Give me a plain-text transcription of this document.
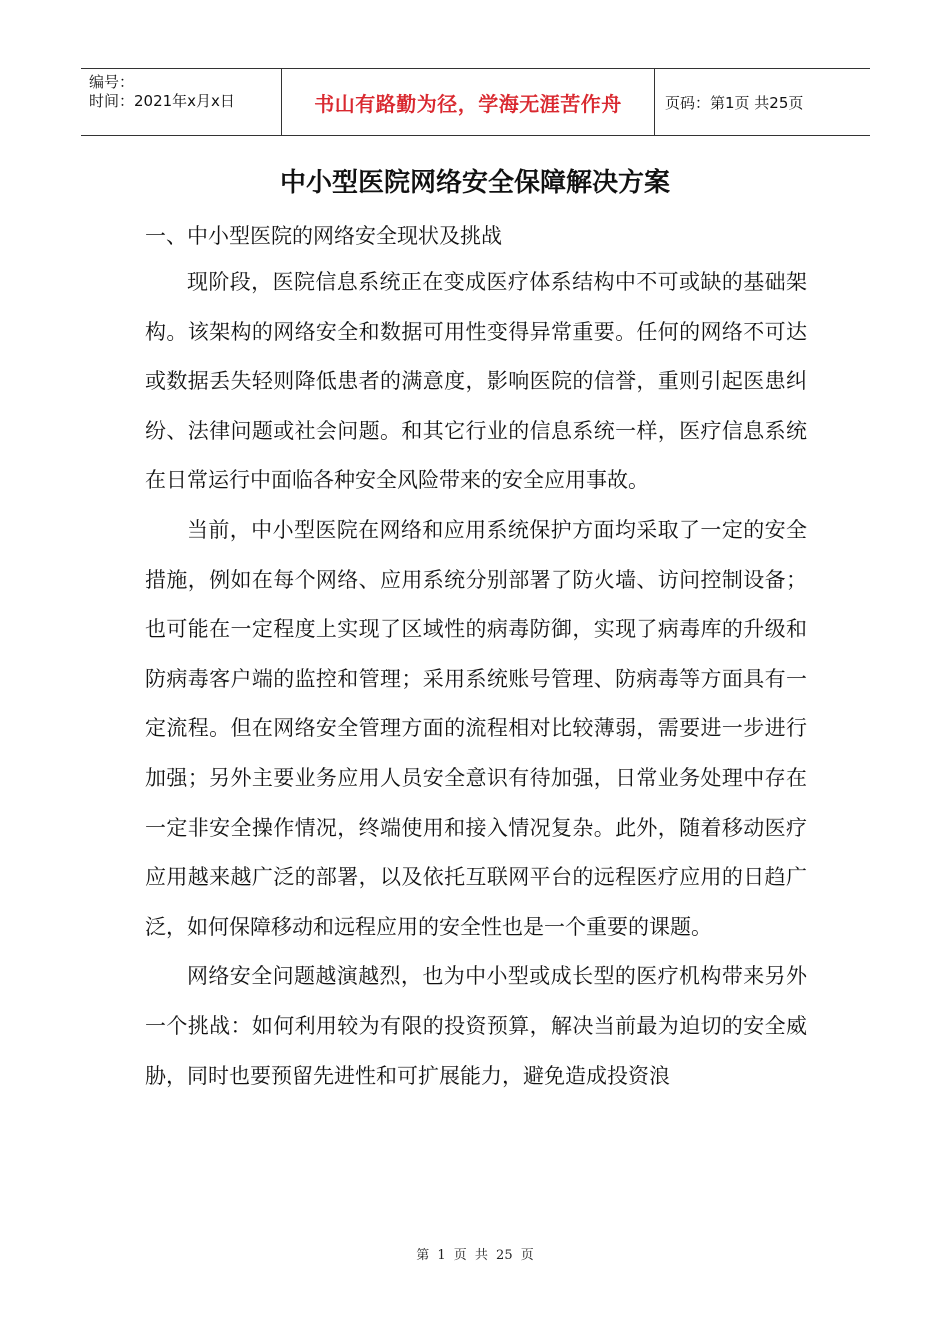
编号：
时间：2021年x月x日	书山有路勤为径，学海无涯苦作舟	页码：第1页 共25页
中小型医院网络安全保障解决方案
一、中小型医院的网络安全现状及挑战

现阶段，医院信息系统正在变成医疗体系结构中不可或缺的基础架构。该架构的网络安全和数据可用性变得异常重要。任何的网络不可达或数据丢失轻则降低患者的满意度，影响医院的信誉，重则引起医患纠纷、法律问题或社会问题。和其它行业的信息系统一样，医疗信息系统在日常运行中面临各种安全风险带来的安全应用事故。

当前，中小型医院在网络和应用系统保护方面均采取了一定的安全措施，例如在每个网络、应用系统分别部署了防火墙、访问控制设备；也可能在一定程度上实现了区域性的病毒防御，实现了病毒库的升级和防病毒客户端的监控和管理；采用系统账号管理、防病毒等方面具有一定流程。但在网络安全管理方面的流程相对比较薄弱，需要进一步进行加强；另外主要业务应用人员安全意识有待加强，日常业务处理中存在一定非安全操作情况，终端使用和接入情况复杂。此外，随着移动医疗应用越来越广泛的部署，以及依托互联网平台的远程医疗应用的日趋广泛，如何保障移动和远程应用的安全性也是一个重要的课题。

网络安全问题越演越烈，也为中小型或成长型的医疗机构带来另外一个挑战：如何利用较为有限的投资预算，解决当前最为迫切的安全威胁，同时也要预留先进性和可扩展能力，避免造成投资浪

第 1 页 共 25 页
